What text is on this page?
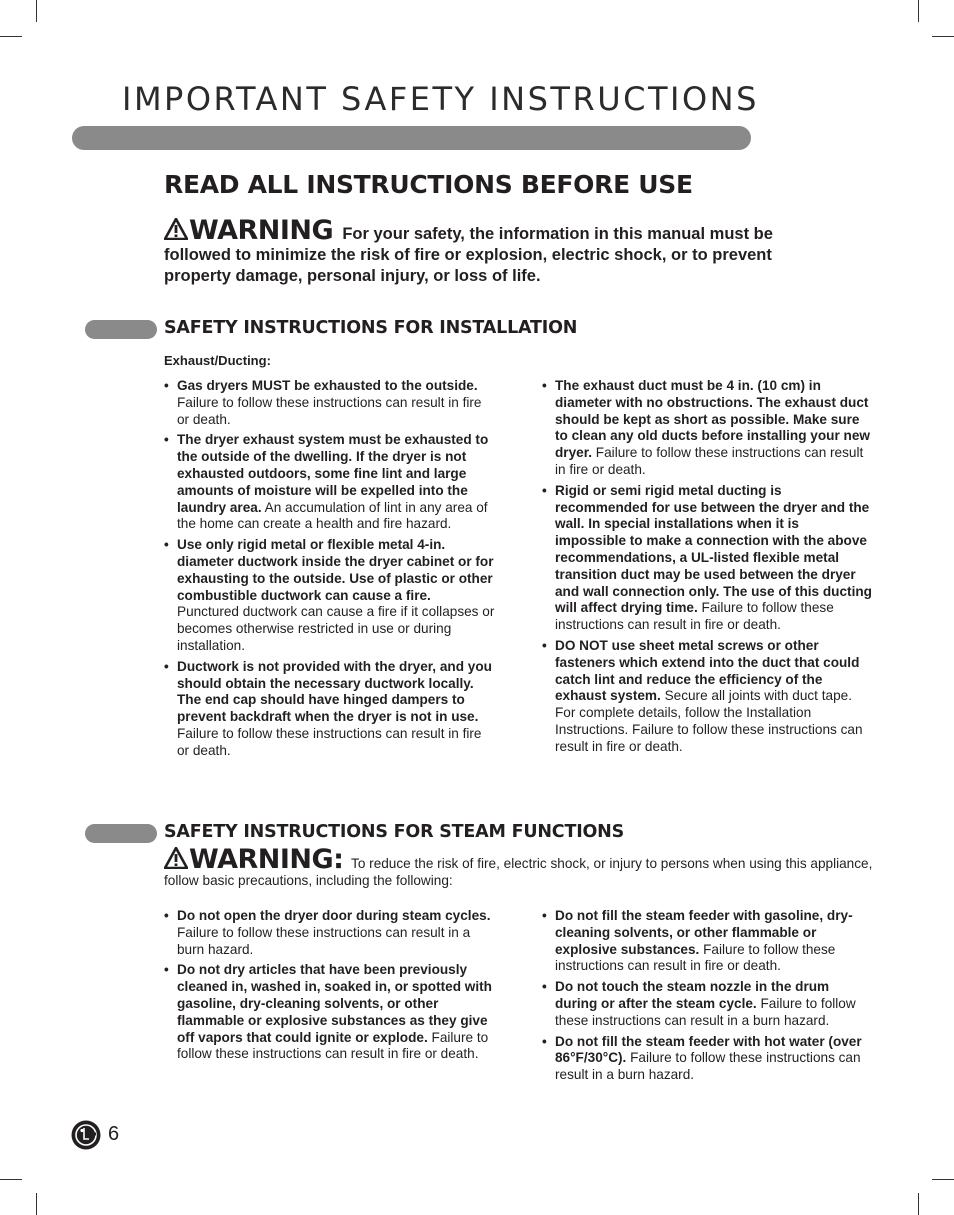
IMPORTANT SAFETY INSTRUCTIONS
READ ALL INSTRUCTIONS BEFORE USE
WARNING For your safety, the information in this manual must be followed to minimize the risk of fire or explosion, electric shock, or to prevent property damage, personal injury, or loss of life.
SAFETY INSTRUCTIONS FOR INSTALLATION
Exhaust/Ducting:
• Gas dryers MUST be exhausted to the outside. Failure to follow these instructions can result in fire or death.
• The dryer exhaust system must be exhausted to the outside of the dwelling. If the dryer is not exhausted outdoors, some fine lint and large amounts of moisture will be expelled into the laundry area. An accumulation of lint in any area of the home can create a health and fire hazard.
• Use only rigid metal or flexible metal 4-in. diameter ductwork inside the dryer cabinet or for exhausting to the outside. Use of plastic or other combustible ductwork can cause a fire. Punctured ductwork can cause a fire if it collapses or becomes otherwise restricted in use or during installation.
• Ductwork is not provided with the dryer, and you should obtain the necessary ductwork locally. The end cap should have hinged dampers to prevent backdraft when the dryer is not in use. Failure to follow these instructions can result in fire or death.
• The exhaust duct must be 4 in. (10 cm) in diameter with no obstructions. The exhaust duct should be kept as short as possible. Make sure to clean any old ducts before installing your new dryer. Failure to follow these instructions can result in fire or death.
• Rigid or semi rigid metal ducting is recommended for use between the dryer and the wall. In special installations when it is impossible to make a connection with the above recommendations, a UL-listed flexible metal transition duct may be used between the dryer and wall connection only. The use of this ducting will affect drying time. Failure to follow these instructions can result in fire or death.
• DO NOT use sheet metal screws or other fasteners which extend into the duct that could catch lint and reduce the efficiency of the exhaust system. Secure all joints with duct tape. For complete details, follow the Installation Instructions. Failure to follow these instructions can result in fire or death.
SAFETY INSTRUCTIONS FOR STEAM FUNCTIONS
WARNING: To reduce the risk of fire, electric shock, or injury to persons when using this appliance, follow basic precautions, including the following:
• Do not open the dryer door during steam cycles. Failure to follow these instructions can result in a burn hazard.
• Do not dry articles that have been previously cleaned in, washed in, soaked in, or spotted with gasoline, dry-cleaning solvents, or other flammable or explosive substances as they give off vapors that could ignite or explode. Failure to follow these instructions can result in fire or death.
• Do not fill the steam feeder with gasoline, dry-cleaning solvents, or other flammable or explosive substances. Failure to follow these instructions can result in fire or death.
• Do not touch the steam nozzle in the drum during or after the steam cycle. Failure to follow these instructions can result in a burn hazard.
• Do not fill the steam feeder with hot water (over 86°F/30°C). Failure to follow these instructions can result in a burn hazard.
6
